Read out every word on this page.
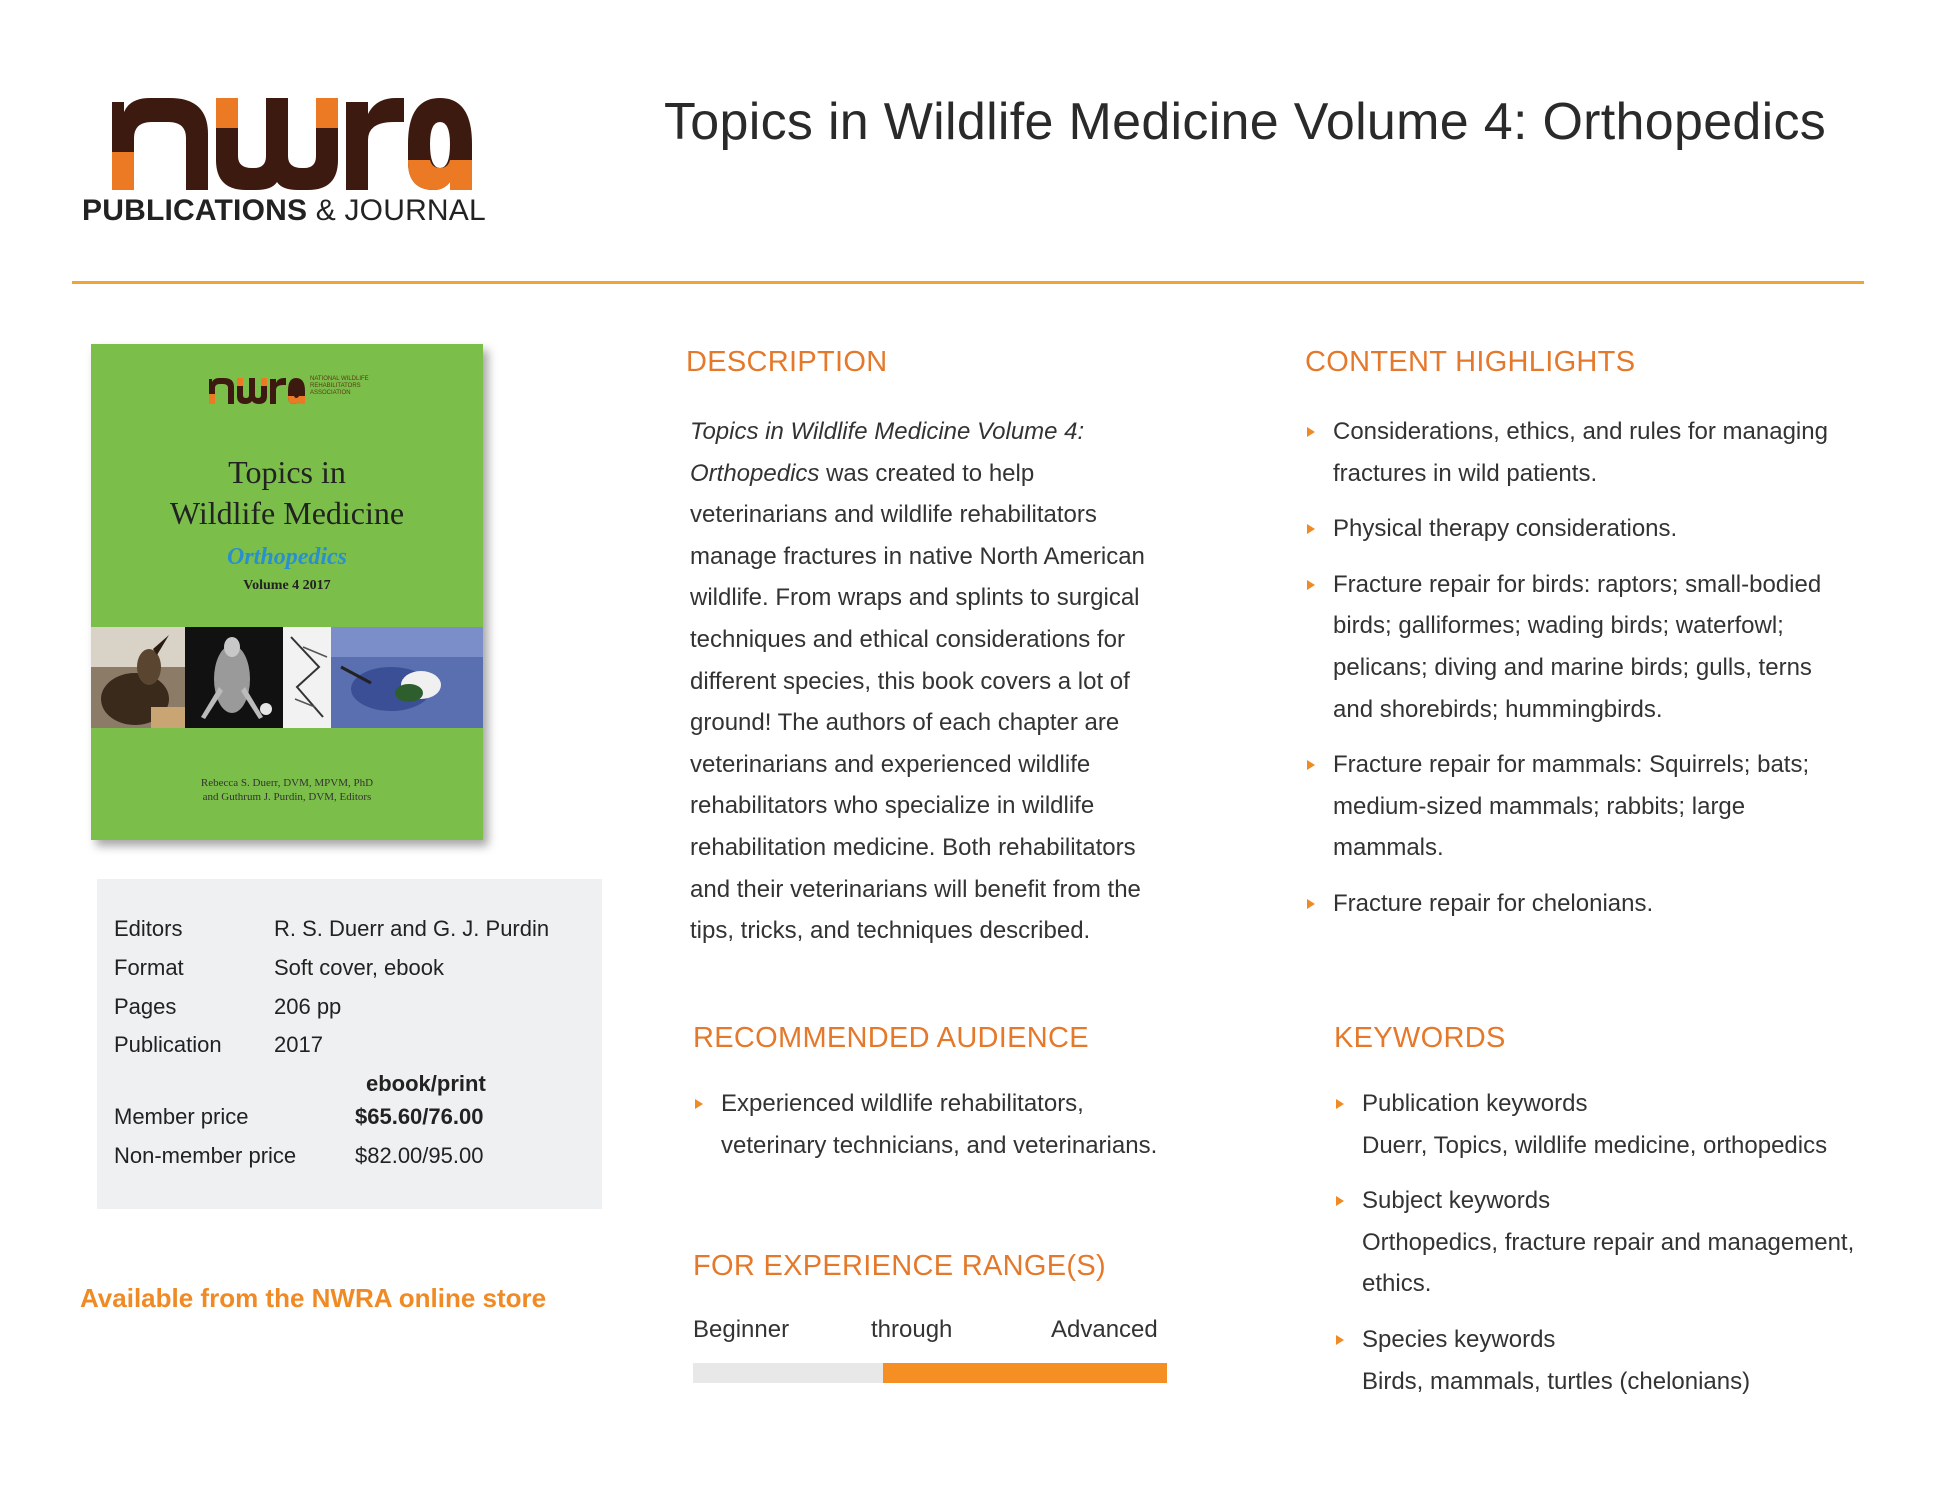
PUBLICATIONS & JOURNAL
Topics in Wildlife Medicine Volume 4: Orthopedics
NATIONAL WILDLIFE REHABILITATORS ASSOCIATION
Topics in
Wildlife Medicine
Orthopedics
Volume 4 2017
Rebecca S. Duerr, DVM, MPVM, PhD
and Guthrum J. Purdin, DVM, Editors
Editors	R. S. Duerr and G. J. Purdin
Format	Soft cover, ebook
Pages	206 pp
Publication 2017
ebook/print
Member price	$65.60/76.00
Non-member price	$82.00/95.00
Available from the NWRA online store
DESCRIPTION
Topics in Wildlife Medicine Volume 4:
Orthopedics was created to help
veterinarians and wildlife rehabilitators
manage fractures in native North American
wildlife. From wraps and splints to surgical
techniques and ethical considerations for
different species, this book covers a lot of
ground! The authors of each chapter are
veterinarians and experienced wildlife
rehabilitators who specialize in wildlife
rehabilitation medicine. Both rehabilitators
and their veterinarians will benefit from the
tips, tricks, and techniques described.
CONTENT HIGHLIGHTS
Considerations, ethics, and rules for managing
fractures in wild patients.
Physical therapy considerations.
Fracture repair for birds: raptors; small-bodied
birds; galliformes; wading birds; waterfowl;
pelicans; diving and marine birds; gulls, terns
and shorebirds; hummingbirds.
Fracture repair for mammals: Squirrels; bats;
medium-sized mammals; rabbits; large
mammals.
Fracture repair for chelonians.
RECOMMENDED AUDIENCE
Experienced wildlife rehabilitators,
veterinary technicians, and veterinarians.
FOR EXPERIENCE RANGE(S)
Beginner	through	Advanced
KEYWORDS
Publication keywords
Duerr, Topics, wildlife medicine, orthopedics
Subject keywords
Orthopedics, fracture repair and management,
ethics.
Species keywords
Birds, mammals, turtles (chelonians)
